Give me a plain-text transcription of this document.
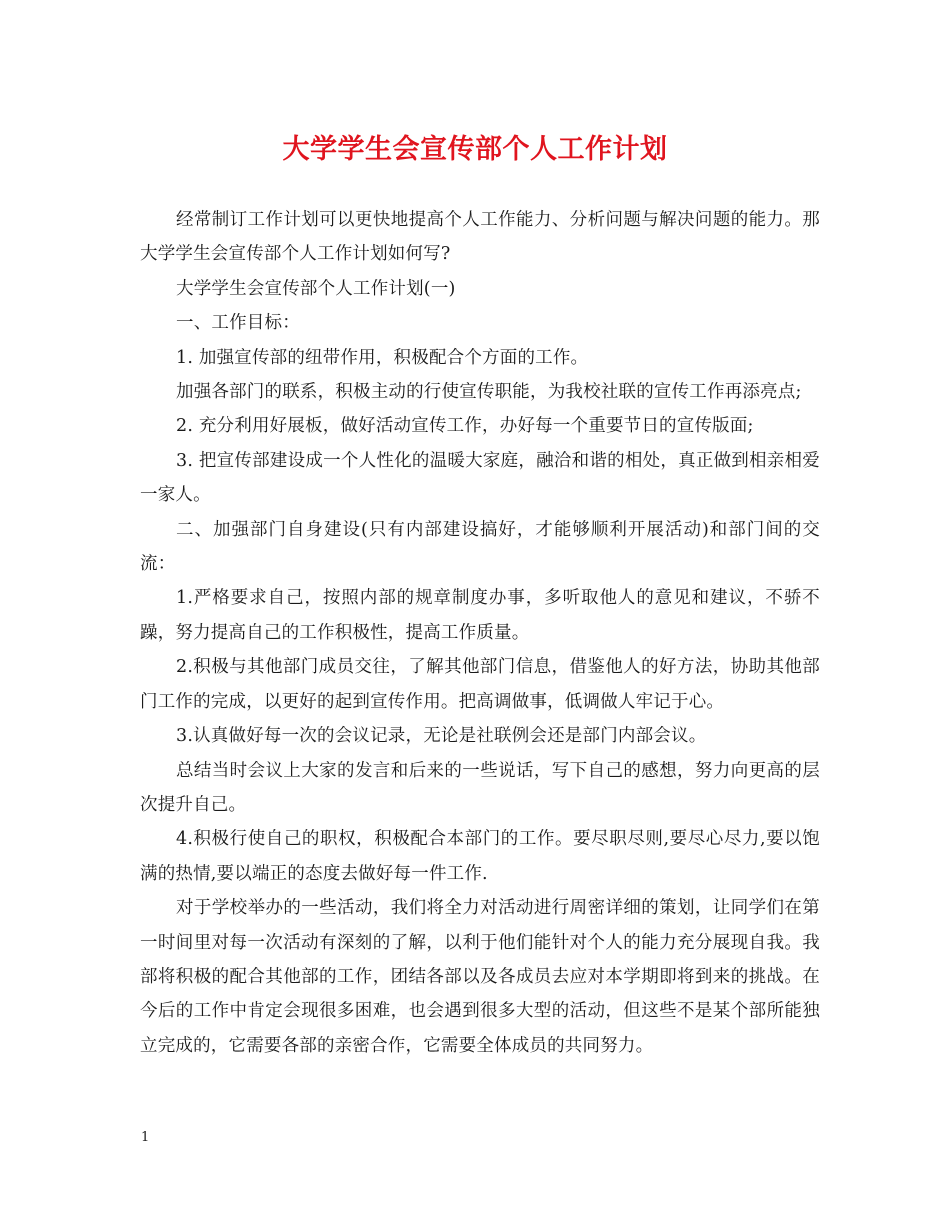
大学学生会宣传部个人工作计划

经常制订工作计划可以更快地提高个人工作能力、分析问题与解决问题的能力。那大学学生会宣传部个人工作计划如何写?

大学学生会宣传部个人工作计划(一)

一、工作目标：

1. 加强宣传部的纽带作用，积极配合个方面的工作。

加强各部门的联系，积极主动的行使宣传职能，为我校社联的宣传工作再添亮点;

2. 充分利用好展板，做好活动宣传工作，办好每一个重要节日的宣传版面;

3. 把宣传部建设成一个人性化的温暖大家庭，融洽和谐的相处，真正做到相亲相爱一家人。

二、加强部门自身建设(只有内部建设搞好，才能够顺利开展活动)和部门间的交流：

1.严格要求自己，按照内部的规章制度办事，多听取他人的意见和建议，不骄不躁，努力提高自己的工作积极性，提高工作质量。

2.积极与其他部门成员交往，了解其他部门信息，借鉴他人的好方法，协助其他部门工作的完成，以更好的起到宣传作用。把高调做事，低调做人牢记于心。

3.认真做好每一次的会议记录，无论是社联例会还是部门内部会议。

总结当时会议上大家的发言和后来的一些说话，写下自己的感想，努力向更高的层次提升自己。

4.积极行使自己的职权，积极配合本部门的工作。要尽职尽则,要尽心尽力,要以饱满的热情,要以端正的态度去做好每一件工作.

对于学校举办的一些活动，我们将全力对活动进行周密详细的策划，让同学们在第一时间里对每一次活动有深刻的了解，以利于他们能针对个人的能力充分展现自我。我部将积极的配合其他部的工作，团结各部以及各成员去应对本学期即将到来的挑战。在今后的工作中肯定会现很多困难，也会遇到很多大型的活动，但这些不是某个部所能独立完成的，它需要各部的亲密合作，它需要全体成员的共同努力。

1
